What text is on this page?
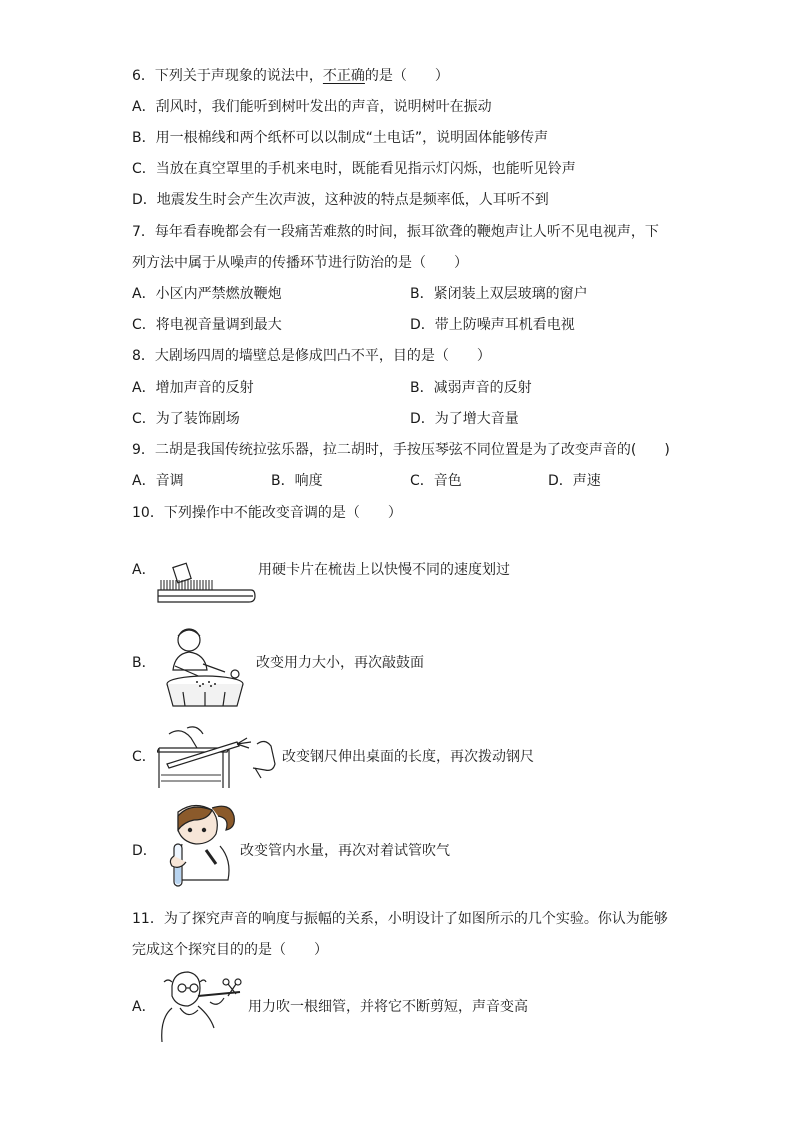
6．下列关于声现象的说法中，不正确的是（　　）
A．刮风时，我们能听到树叶发出的声音，说明树叶在振动
B．用一根棉线和两个纸杯可以以制成“土电话”，说明固体能够传声
C．当放在真空罩里的手机来电时，既能看见指示灯闪烁，也能听见铃声
D．地震发生时会产生次声波，这种波的特点是频率低，人耳听不到
7．每年看春晚都会有一段痛苦难熬的时间，振耳欲聋的鞭炮声让人听不见电视声，下
列方法中属于从噪声的传播环节进行防治的是（　　）
A．小区内严禁燃放鞭炮	B．紧闭装上双层玻璃的窗户
C．将电视音量调到最大	D．带上防噪声耳机看电视
8．大剧场四周的墙壁总是修成凹凸不平，目的是（　　）
A．增加声音的反射	B．减弱声音的反射
C．为了装饰剧场	D．为了增大音量
9．二胡是我国传统拉弦乐器，拉二胡时，手按压琴弦不同位置是为了改变声音的(　　)
A．音调	B．响度	C．音色	D．声速
10．下列操作中不能改变音调的是（　　）
A．	用硬卡片在梳齿上以快慢不同的速度划过
B．	改变用力大小，再次敲鼓面
C．	改变钢尺伸出桌面的长度，再次拨动钢尺
D．	改变管内水量，再次对着试管吹气
11．为了探究声音的响度与振幅的关系，小明设计了如图所示的几个实验。你认为能够
完成这个探究目的的是（　　）
A．	用力吹一根细管，并将它不断剪短，声音变高
